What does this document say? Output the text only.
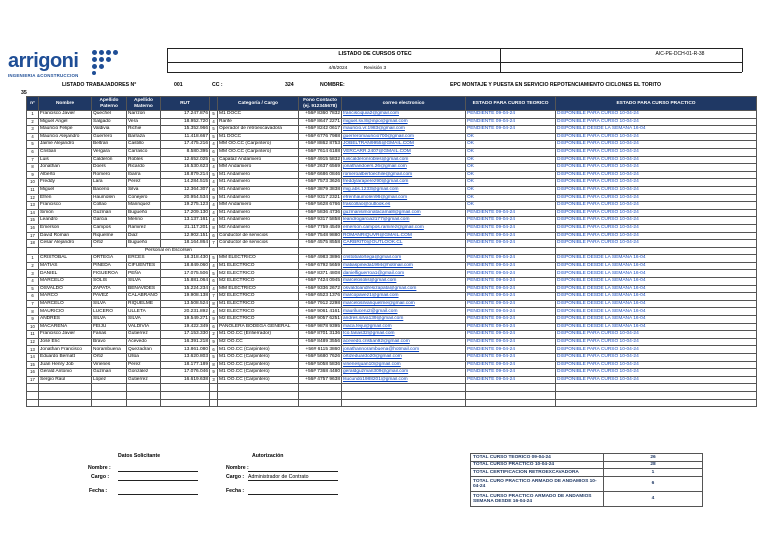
arrigoni
INGENIERIA &CONSTRUCCION
LISTADO DE CURSOS OTEC	AIC-PE-DCH-01-R-38
4/8/2024	Revisión 3
LISTADO TRABAJADORES N°	001	CC :	324	NOMBRE:	EPC MONTAJE Y PUESTA EN SERVICIO REPOTENCIAMIENTO CICLONES EL TORITO
35
n°	Nombre	Apellido Paterno	Apellido Materno	RUT		Categoría / Cargo	Fono Contacto (ej. 912345678)	correo electronico	ESTADO PARA CURSO TEORICO	ESTADO PARA CURSO PRACTICO
1	Francisco Javier	Quechel	Narrzon	17.247.876	5	M1 DOCC	+56# 8360 7832	francisciquia2@gmail.com	PENDIENTE 09-04-24	DISPONIBLE PARA CURSO 10-04-24
2	Miguel Angel	Salgado	Vera	18.952.720	4	Rarife	+56# 8647 2271	miguel.sv.8@inpo@gmail.com	PENDIENTE 09-04-24	DISPONIBLE PARA CURSO 10-04-24
3	Mauricio Felipe	Valdivia	Richie	15.352.966	5	Operador de retroexcavadora	+56# 8242 0617	mauricio.vr.1983@gmail.com	PENDIENTE 09-04-24	DISPONIBLE DESDE LA SEMANA 16-04
4	Mauricio Alejandro	Guerrero	Barraza	11.418.667	5	M1 DOCC	+56# 6776 7988	guerreromauricio700@gmail.com	OK	DISPONIBLE PARA CURSO 10-04-24
5	Jaime Alejandro	Beltran	Castillo	17.475.216	4	MM OO.CC (Carpintero)	+56# 8862 8753	JOBELTRAN9955@GMAIL.COM	OK	DISPONIBLE PARA CURSO 10-04-24
6	Cristian	Vergara	Carrasco	8.580.395	6	MM OO.CC (Carpintero)	+56# 7614 6188	VERCARR.2407@GMAIL.COM	OK	DISPONIBLE PARA CURSO 10-04-24
7	Luis	Calderón	Robles	12.652.025	5	Capataz Andamiero	+56# 4915 5832	luiscalderonrobles@gmail.com	OK	DISPONIBLE PARA CURSO 10-04-24
8	Jonathan	Doers	Ricardo	16.530.623	4	MM Andamiero	+56# 2637 6569	jonathandoers.26@gmail.com	OK	DISPONIBLE PARA CURSO 10-04-24
9	Alberto	Romero	Ibarra	18.879.214	5	M1 Andamiero	+56# 6686 0846	romeroalbertoechile@gmail.com	OK	DISPONIBLE PARA CURSO 10-04-24
10	Freddy	Lara	Pérez	14.284.515	4	M1 Andamiero	+56# 7573 3626	freddylaraperez90@gmail.com	OK	DISPONIBLE PARA CURSO 10-04-24
11	Miguel	Bacerio	Silva	12.364.307	6	M1 Andamiero	+56# 3879 3838	mig.abs.1233@gmail.com	OK	DISPONIBLE PARA CURSO 10-04-24
12	Efren	Haumolen	Conejero	20.954.534	9	M1 Andamiero	+56# 9317 2321	efrenhaumolen96@gmail.com	OK	DISPONIBLE PARA CURSO 10-04-24
13	Francisco	Collao	Manriquez	19.275.123	4	MM Andamiero	+56# 5628 6766	frascollao@outlook.es	OK	DISPONIBLE PARA CURSO 10-04-24
14	Simón	Guzmán	Bugueño	17.209.130	4	M1 Andamiero	+56# 5836 4736	guzmansimonatacama8@gmail.com	PENDIENTE 09-04-24	DISPONIBLE PARA CURSO 10-04-24
15	Leandro	Garcia	Merino	13.137.161	4	M1 Andamiero	+56# 9317 5858	leandrogarcia2177@gmail.com	PENDIENTE 09-04-24	DISPONIBLE PARA CURSO 10-04-24
16	Emerson	Campos	Ramirez	21.117.201	8	M2 Andamiero	+56# 7759 4549	emerson.campos.ramirez@gmail.com	PENDIENTE 09-04-24	DISPONIBLE PARA CURSO 10-04-24
17	David Roman	Riquelme	Diaz	12.902.151	6	Conductor de servicios	+56# 7548 9880	ROMANRIQUVR@GMAIL.COM	PENDIENTE 09-04-24	DISPONIBLE PARA CURSO 10-04-24
18	Cesar Alejandro	Ortiz	Bugueño	18.164.864	7	Conductor de servicios	+56# 4575 8558	CARBRIT0@OUTLOOK.CL	PENDIENTE 09-04-24	DISPONIBLE PARA CURSO 10-04-24
	Personal en Escorsen									
1	CRISTOBAL	ORTEGA	ERCES	18.318.430	5	MM ELECTRICO	+56# 4983 3896	cristobalortega@gmail.com	PENDIENTE 09-04-24	DISPONIBLE DESDE LA SEMANA 16-04
2	MATIAS	PINEDA	CIFUENTES	18.849.060	4	M1 ELECTRICO	+56# 6792 5659	matiaspineda1994@hotmail.com	PENDIENTE 09-04-24	DISPONIBLE DESDE LA SEMANA 16-04
3	DANIEL	FIGUEROA	PEÑA	17.075.506	5	M2 ELECTRICO	+56# 8371 4808	danielfiguerroa1@gmail.com	PENDIENTE 09-04-24	DISPONIBLE DESDE LA SEMANA 16-04
4	MARCELO	SOLIS	SILVA	15.881.064	6	M2 ELECTRICO	+56# 7424 0945	marcelosolis@gmail.com	PENDIENTE 09-04-24	DISPONIBLE DESDE LA SEMANA 16-04
5	OSVALDO	ZAPATA	BENAVIDES	15.224.234	4	MM ELECTRICO	+56# 9336 2672	osvaldoandresizapata@gmail.com	PENDIENTE 09-04-24	DISPONIBLE DESDE LA SEMANA 16-04
6	MARCO	PAVEZ	CALABRANO	19.908.138	7	M2 ELECTRICO	+56# 6523 1376	marcopavez1@gmail.com	PENDIENTE 09-04-24	DISPONIBLE DESDE LA SEMANA 16-04
7	MARCELO	SILVA	RIQUELME	13.508.524	8	M1 ELECTRICO	+56# 7912 2298	marcelosilvariquelme@gmail.com	PENDIENTE 09-04-24	DISPONIBLE DESDE LA SEMANA 16-04
8	MAURICIO	LUCERO	ULLETA	20.231.892	4	M2 ELECTRICO	+56# 9061 4161	mauriluceru2@gmail.com	PENDIENTE 09-04-24	DISPONIBLE DESDE LA SEMANA 16-04
9	ANDRES	SILVA	SILVA	19.549.271	9	M2 ELECTRICO	+56# 9057 6251	andres.silva139@gmail.com	PENDIENTE 09-04-24	DISPONIBLE DESDE LA SEMANA 16-04
10	MACARENA	FEIJU	VALDIVIA	19.422.349	6	PAÑOLERA BODEGA GENERAL	+56# 9878 9395	maca.feiju@gmail.com	PENDIENTE 09-04-24	DISPONIBLE DESDE LA SEMANA 16-04
11	Francisco Javier	Farias	Gutierrez	17.153.330	2	M1 OO.CC (Enfierrador)	+56# 8701 3136	fco.farias32@gmail.com	PENDIENTE 09-04-24	DISPONIBLE PARA CURSO 10-04-24
12	José Eric	Bravo	Acevedo	16.391.218	9	M2 OO.CC	+56# 8489 3556	acevedo.cristian92@gmail.com	PENDIENTE 09-04-24	DISPONIBLE PARA CURSO 10-04-24
13	Jonathan Francisco	Norambuena	Quezadran	13.861.080	6	M1 OO.CC (Carpintero)	+56# 6115 3860	jonathannorambuena@hotmail.com	PENDIENTE 09-04-24	DISPONIBLE PARA CURSO 10-04-24
14	Eduardo Bernatt	Ortiz	Ulloa	13.620.803	5	M1 OO.CC (Carpintero)	+56# 5680 7626	ortizeduardo20@gmail.com	PENDIENTE 09-04-24	DISPONIBLE PARA CURSO 10-04-24
15	Juan Henry Job	Virienes	Pérez	18.177.189	8	M1 OO.CC (Carpintero)	+56# 5058 5836	virienesjuan10@gmail.com	PENDIENTE 09-04-24	DISPONIBLE PARA CURSO 10-04-24
16	Gerald Antonio	Guzman	González	17.076.046	9	M1 OO.CC (Carpintero)	+56# 7368 4480	geraldguzman309@gmail.com	PENDIENTE 09-04-24	DISPONIBLE PARA CURSO 10-04-24
17	Sergio Raúl	López	Gutierrez	16.619.638	3	M1 OO.CC (Carpintero)	+56# 4757 9638	lsucundo1988201@gmail.com	PENDIENTE 09-04-24	DISPONIBLE PARA CURSO 10-04-24

Datos Solicitante
Nombre :
Cargo :
Fecha :
Autorización
Nombre :
Cargo : Administrador de Contrato
Fecha :
TOTAL CURSO TEORICO 09-04-24	26
TOTAL CURSO PRACTICO 10-04-24	28
TOTAL CERTIFICACION RETROEXCAVADORA	1
TOTAL CURO PRACTICO ARMADO DE ANDAMIOS 10-04-24	6
TOTAL CURSO PRACTICO ARMADO DE ANDAMIOS SEMANA DESDE 16-04-24	4
